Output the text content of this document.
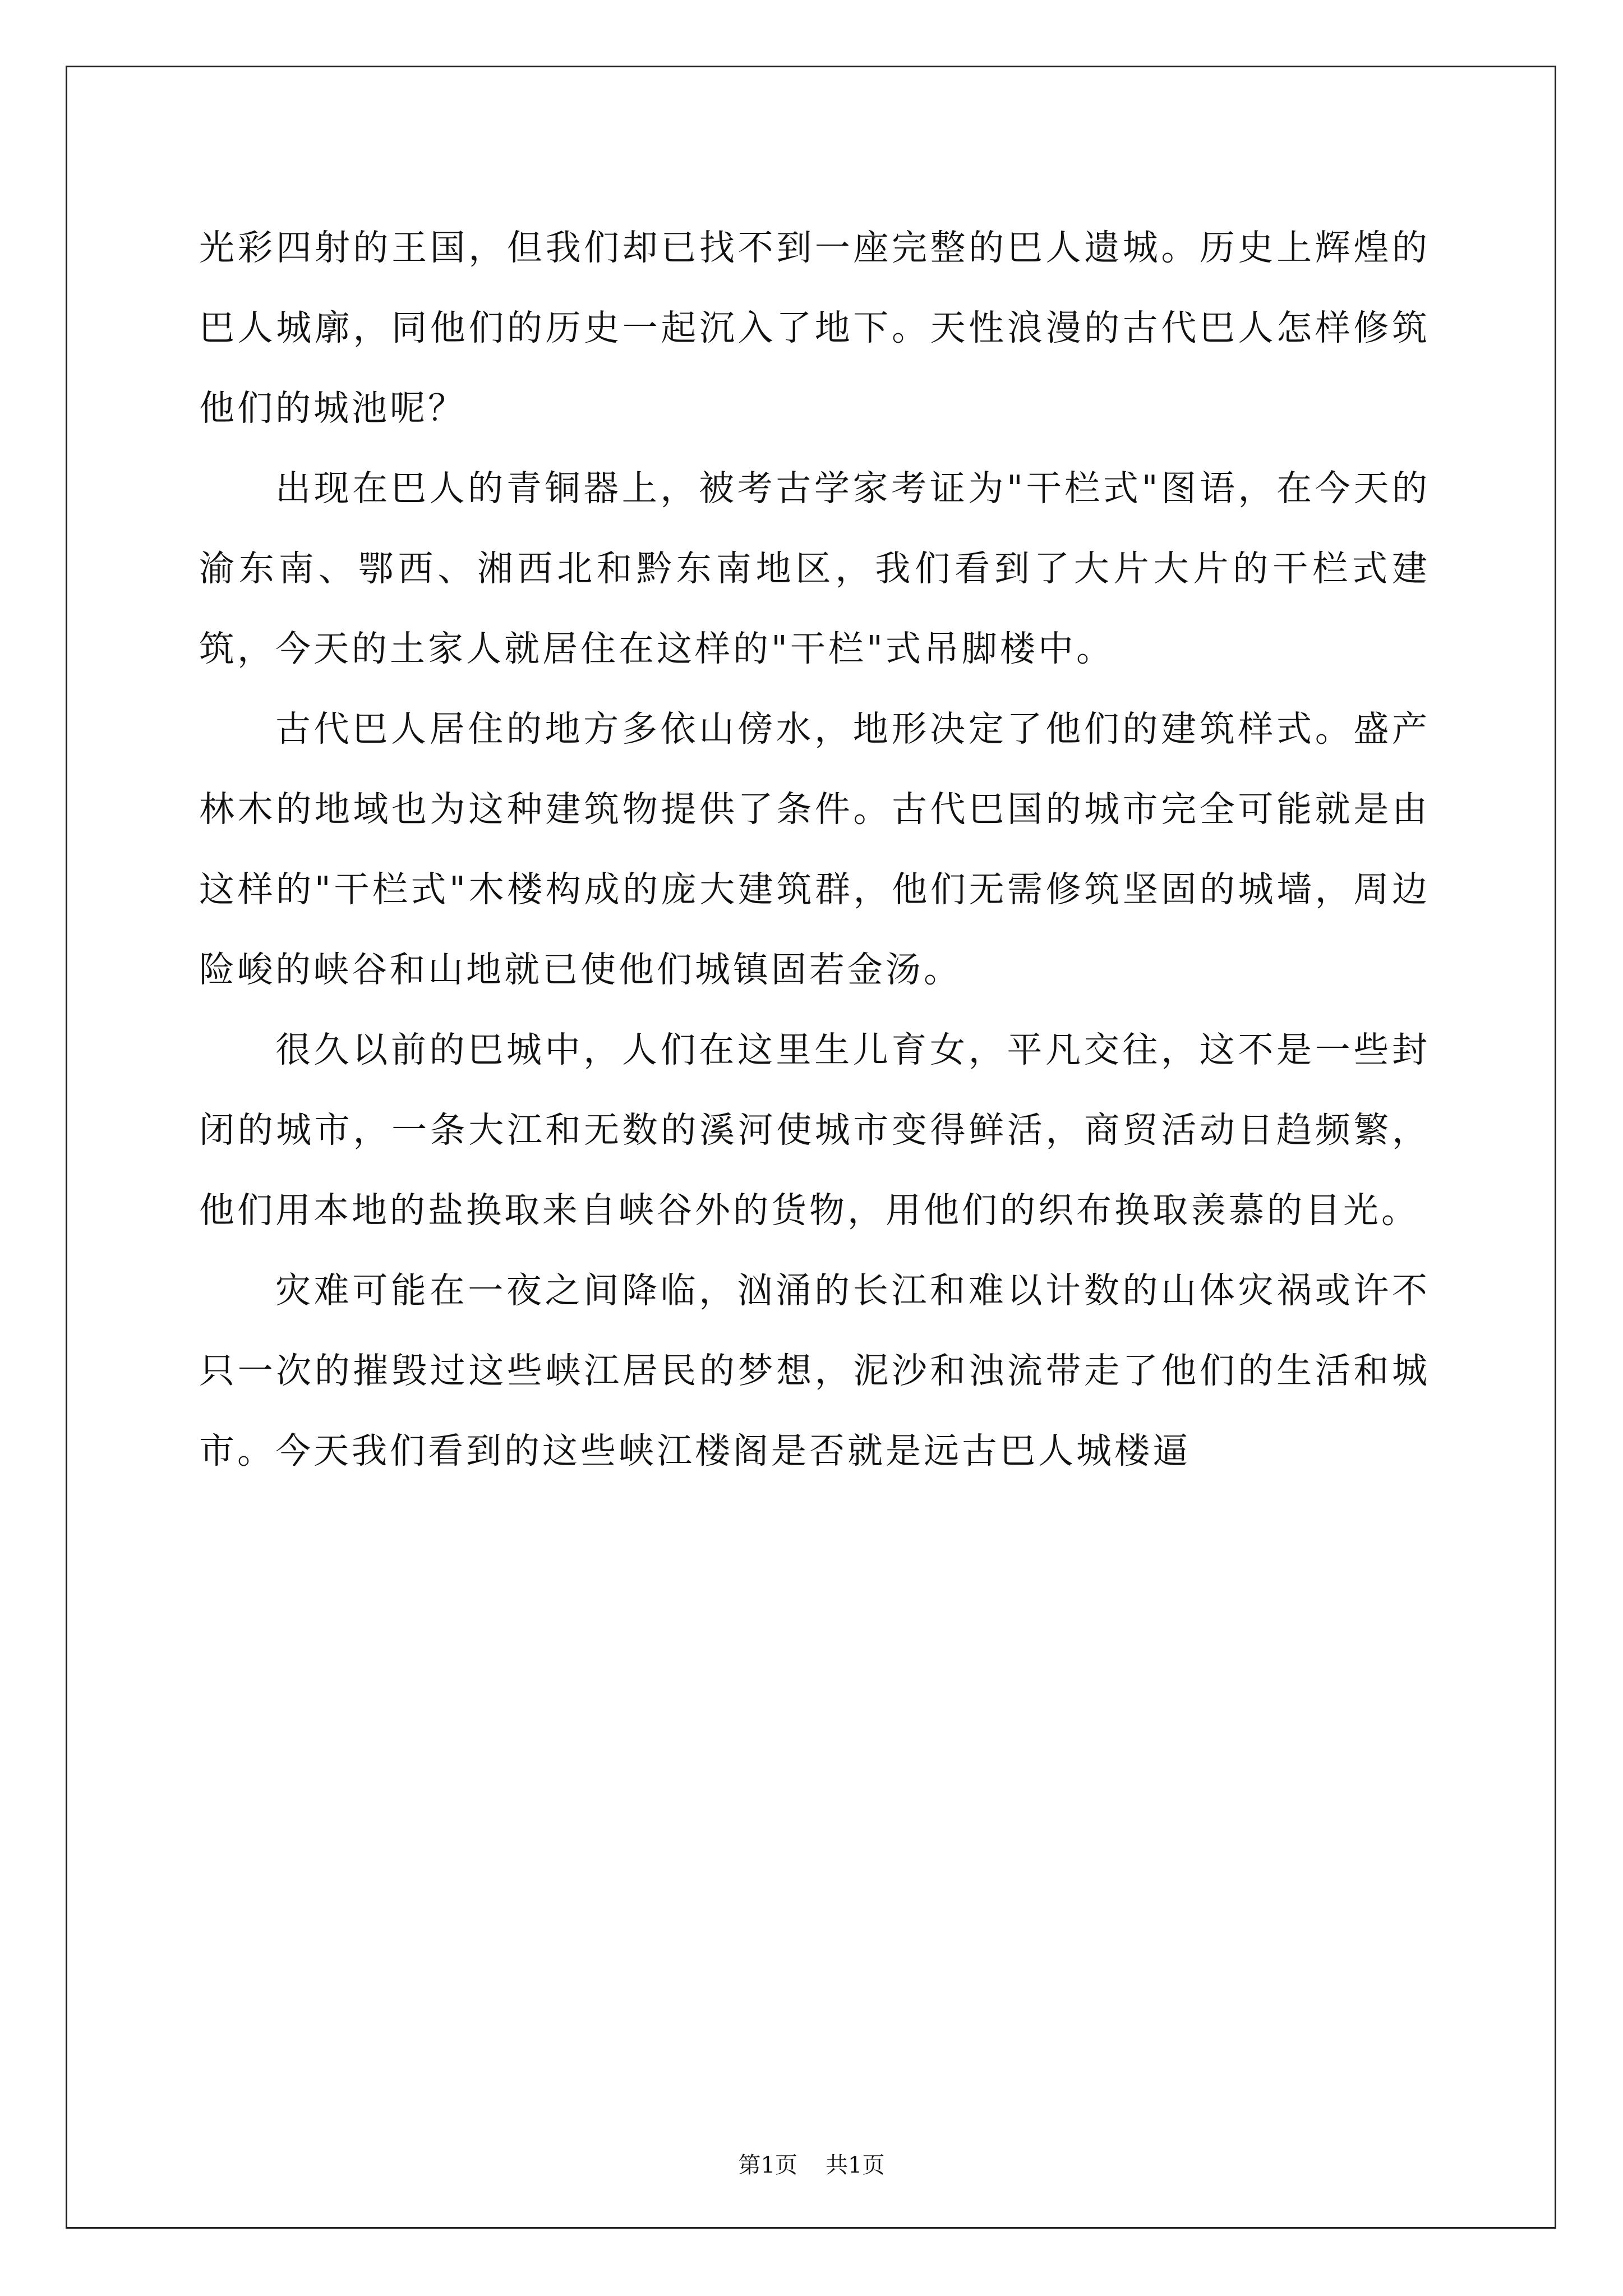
光彩四射的王国，但我们却已找不到一座完整的巴人遗城。历史上辉煌的巴人城廓，同他们的历史一起沉入了地下。天性浪漫的古代巴人怎样修筑他们的城池呢？

出现在巴人的青铜器上，被考古学家考证为"干栏式"图语，在今天的渝东南、鄂西、湘西北和黔东南地区，我们看到了大片大片的干栏式建筑，今天的土家人就居住在这样的"干栏"式吊脚楼中。

古代巴人居住的地方多依山傍水，地形决定了他们的建筑样式。盛产林木的地域也为这种建筑物提供了条件。古代巴国的城市完全可能就是由这样的"干栏式"木楼构成的庞大建筑群，他们无需修筑坚固的城墙，周边险峻的峡谷和山地就已使他们城镇固若金汤。

很久以前的巴城中，人们在这里生儿育女，平凡交往，这不是一些封闭的城市，一条大江和无数的溪河使城市变得鲜活，商贸活动日趋频繁，他们用本地的盐换取来自峡谷外的货物，用他们的织布换取羡慕的目光。

灾难可能在一夜之间降临，汹涌的长江和难以计数的山体灾祸或许不只一次的摧毁过这些峡江居民的梦想，泥沙和浊流带走了他们的生活和城市。今天我们看到的这些峡江楼阁是否就是远古巴人城楼逼

第1页 共1页
